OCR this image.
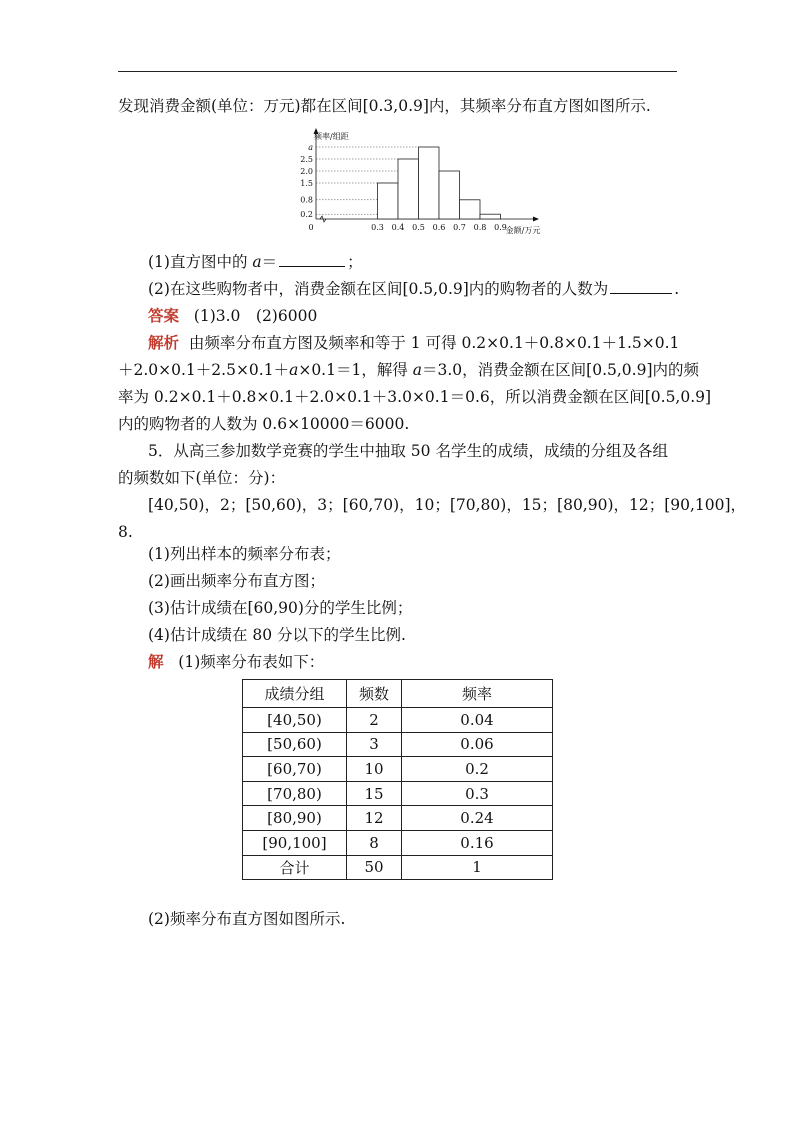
发现消费金额(单位：万元)都在区间[0.3,0.9]内，其频率分布直方图如图所示.
0.2
0.8
1.5
2.0
2.5
a
0.3 0.4 0.5 0.6 0.7 0.8 0.9
0
频率/组距
金额/万元
(1)直方图中的 a＝	；
(2)在这些购物者中，消费金额在区间[0.5,0.9]内的购物者的人数为	.
答案 (1)3.0　(2)6000
解析 由频率分布直方图及频率和等于 1 可得 0.2×0.1＋0.8×0.1＋1.5×0.1
＋2.0×0.1＋2.5×0.1＋a×0.1＝1，解得 a＝3.0，消费金额在区间[0.5,0.9]内的频
率为 0.2×0.1＋0.8×0.1＋2.0×0.1＋3.0×0.1＝0.6，所以消费金额在区间[0.5,0.9]
内的购物者的人数为 0.6×10000＝6000.
5．从高三参加数学竞赛的学生中抽取 50 名学生的成绩，成绩的分组及各组
的频数如下(单位：分)：
[40,50)，2；[50,60)，3；[60,70)，10；[70,80)，15；[80,90)，12；[90,100]，
8.
(1)列出样本的频率分布表；
(2)画出频率分布直方图；
(3)估计成绩在[60,90)分的学生比例；
(4)估计成绩在 80 分以下的学生比例.
解 (1)频率分布表如下：
成绩分组	频数	频率
[40,50)	2	0.04
[50,60)	3	0.06
[60,70)	10	0.2
[70,80)	15	0.3
[80,90)	12	0.24
[90,100]	8	0.16
合计	50	1
(2)频率分布直方图如图所示.
